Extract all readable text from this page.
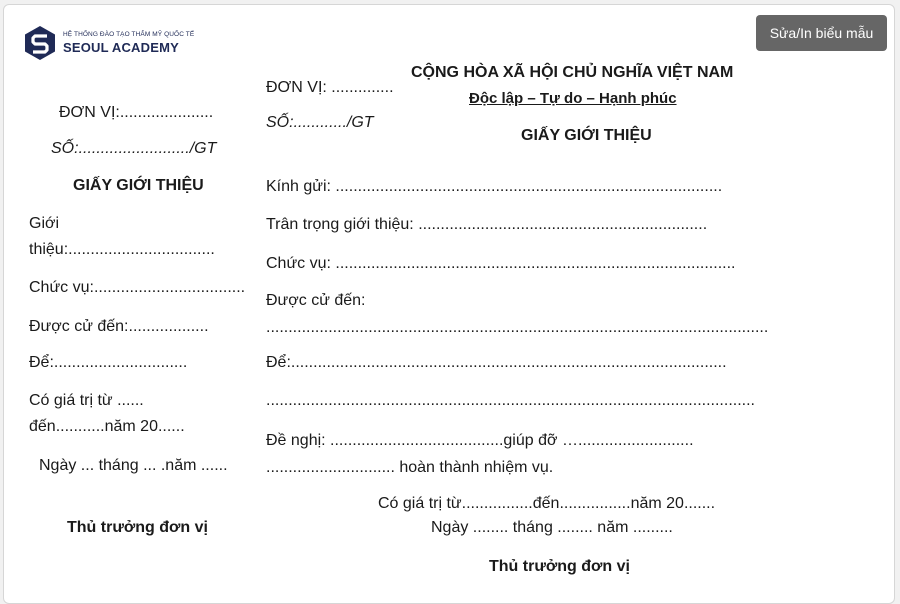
HỆ THỐNG ĐÀO TẠO THẨM MỸ QUỐC TẾ
SEOUL ACADEMY
Sửa/In biểu mẫu
ĐƠN VỊ:.....................
SỐ:........................./GT
GIẤY GIỚI THIỆU
Giới
thiệu:.................................
Chức vụ:..................................
Được cử đến:..................
Để:..............................
Có giá trị từ ......
đến...........năm 20......
Ngày ... tháng ... .năm ......
Thủ trưởng đơn vị
ĐƠN VỊ: ..............
SỐ:............/GT
CỘNG HÒA XÃ HỘI CHỦ NGHĨA VIỆT NAM
Độc lập – Tự do – Hạnh phúc
GIẤY GIỚI THIỆU
Kính gửi: .......................................................................................
Trân trọng giới thiệu: .................................................................
Chức vụ: ..........................................................................................
Được cử đến:
.................................................................................................................
Để:..................................................................................................
..............................................................................................................
Đề nghị: .......................................giúp đỡ …..........................
............................. hoàn thành nhiệm vụ.
Có giá trị từ................đến................năm 20.......
Ngày ........ tháng ........ năm .........
Thủ trưởng đơn vị
